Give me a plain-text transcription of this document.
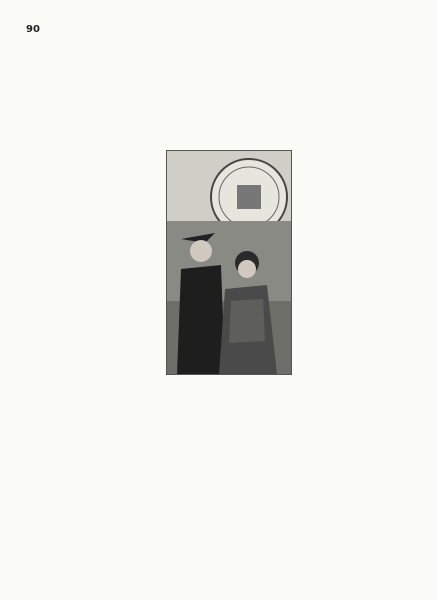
90
